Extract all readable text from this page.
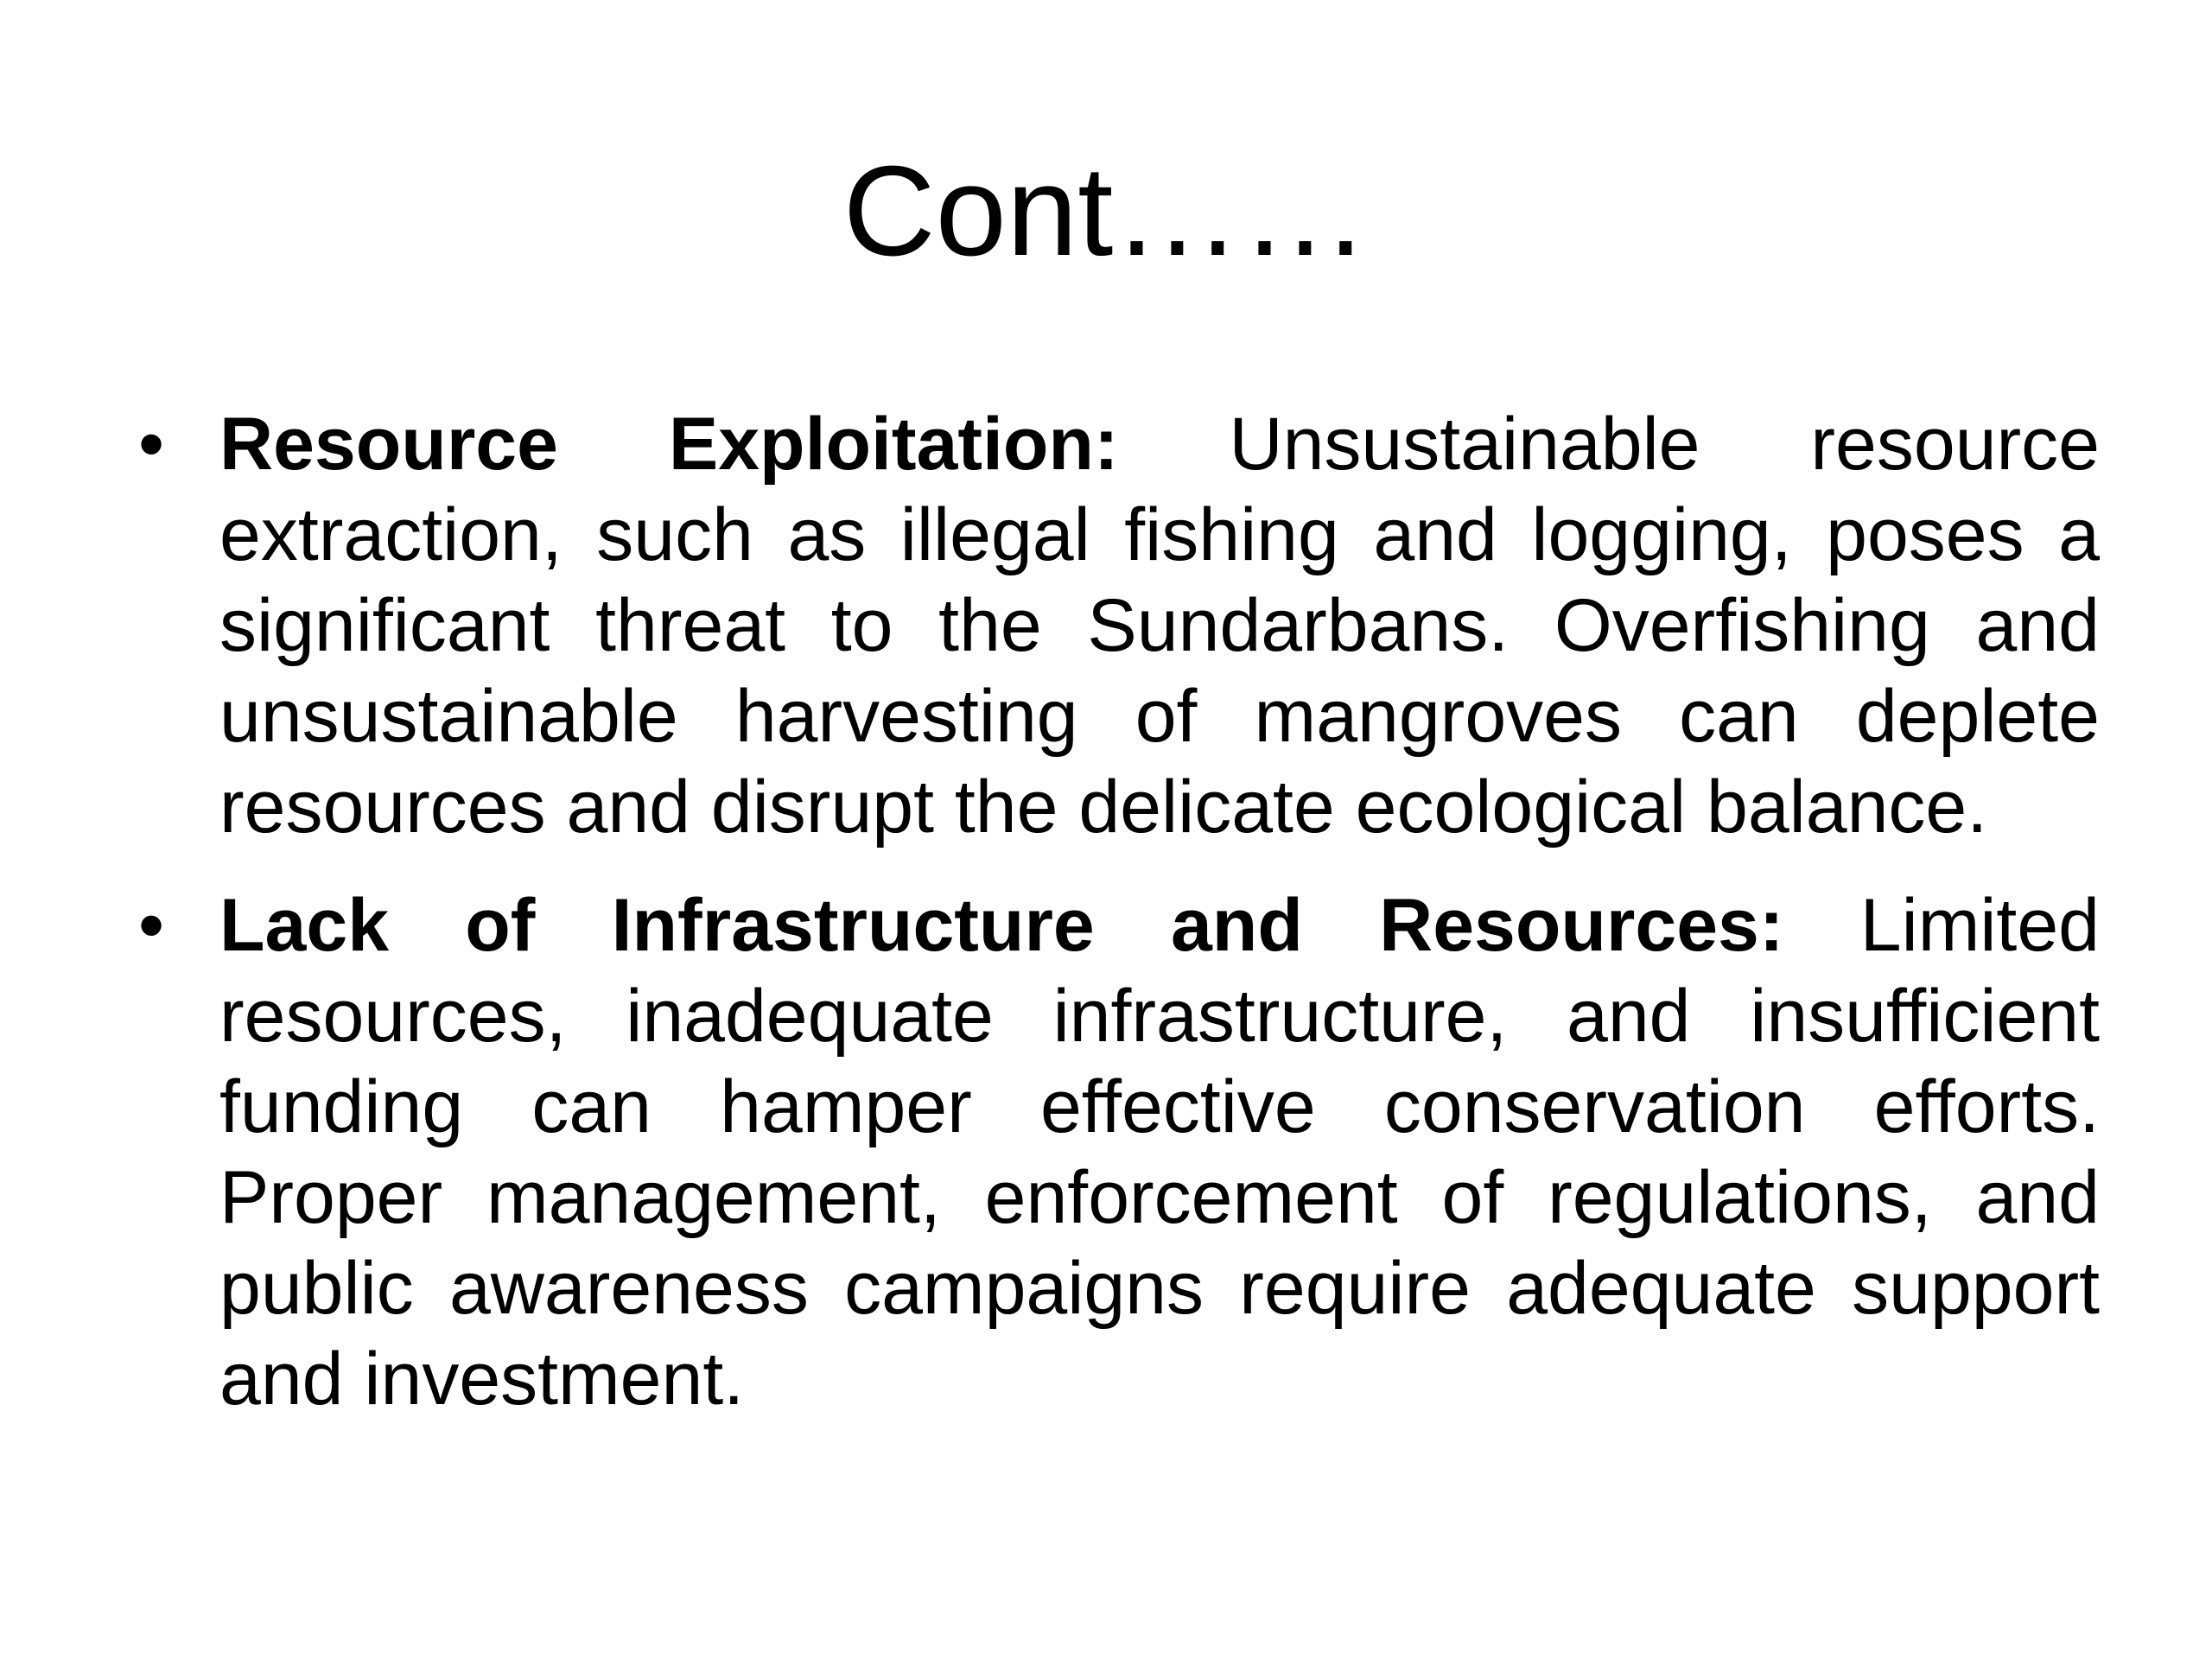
Cont……
• Resource Exploitation: Unsustainable resource extraction, such as illegal fishing and logging, poses a significant threat to the Sundarbans. Overfishing and unsustainable harvesting of mangroves can deplete resources and disrupt the delicate ecological balance.
• Lack of Infrastructure and Resources: Limited resources, inadequate infrastructure, and insufficient funding can hamper effective conservation efforts. Proper management, enforcement of regulations, and public awareness campaigns require adequate support and investment.
